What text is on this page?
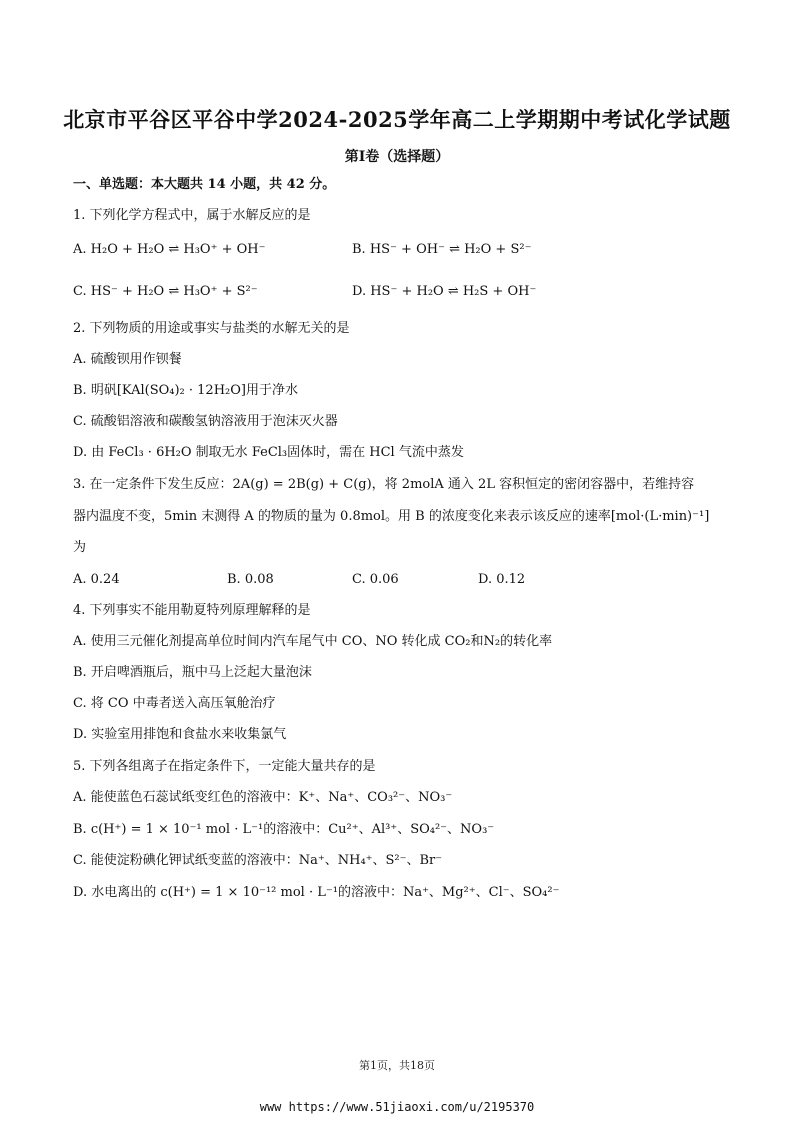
北京市平谷区平谷中学2024-2025学年高二上学期期中考试化学试题
第I卷（选择题）
一、单选题：本大题共 14 小题，共 42 分。
1. 下列化学方程式中，属于水解反应的是
A. H₂O + H₂O ⇌ H₃O⁺ + OH⁻	B. HS⁻ + OH⁻ ⇌ H₂O + S²⁻
C. HS⁻ + H₂O ⇌ H₃O⁺ + S²⁻	D. HS⁻ + H₂O ⇌ H₂S + OH⁻
2. 下列物质的用途或事实与盐类的水解无关的是
A. 硫酸钡用作钡餐
B. 明矾[KAl(SO₄)₂ · 12H₂O]用于净水
C. 硫酸铝溶液和碳酸氢钠溶液用于泡沫灭火器
D. 由 FeCl₃ · 6H₂O 制取无水 FeCl₃固体时，需在 HCl 气流中蒸发
3. 在一定条件下发生反应：2A(g) = 2B(g) + C(g)，将 2molA 通入 2L 容积恒定的密闭容器中，若维持容
器内温度不变，5min 末测得 A 的物质的量为 0.8mol。用 B 的浓度变化来表示该反应的速率[mol·(L·min)⁻¹]
为
A. 0.24	B. 0.08	C. 0.06	D. 0.12
4. 下列事实不能用勒夏特列原理解释的是
A. 使用三元催化剂提高单位时间内汽车尾气中 CO、NO 转化成 CO₂和N₂的转化率
B. 开启啤酒瓶后，瓶中马上泛起大量泡沫
C. 将 CO 中毒者送入高压氧舱治疗
D. 实验室用排饱和食盐水来收集氯气
5. 下列各组离子在指定条件下，一定能大量共存的是
A. 能使蓝色石蕊试纸变红色的溶液中：K⁺、Na⁺、CO₃²⁻、NO₃⁻
B. c(H⁺) = 1 × 10⁻¹ mol · L⁻¹的溶液中：Cu²⁺、Al³⁺、SO₄²⁻、NO₃⁻
C. 能使淀粉碘化钾试纸变蓝的溶液中：Na⁺、NH₄⁺、S²⁻、Br⁻
D. 水电离出的 c(H⁺) = 1 × 10⁻¹² mol · L⁻¹的溶液中：Na⁺、Mg²⁺、Cl⁻、SO₄²⁻
第1页，共18页
www https://www.51jiaoxi.com/u/2195370
